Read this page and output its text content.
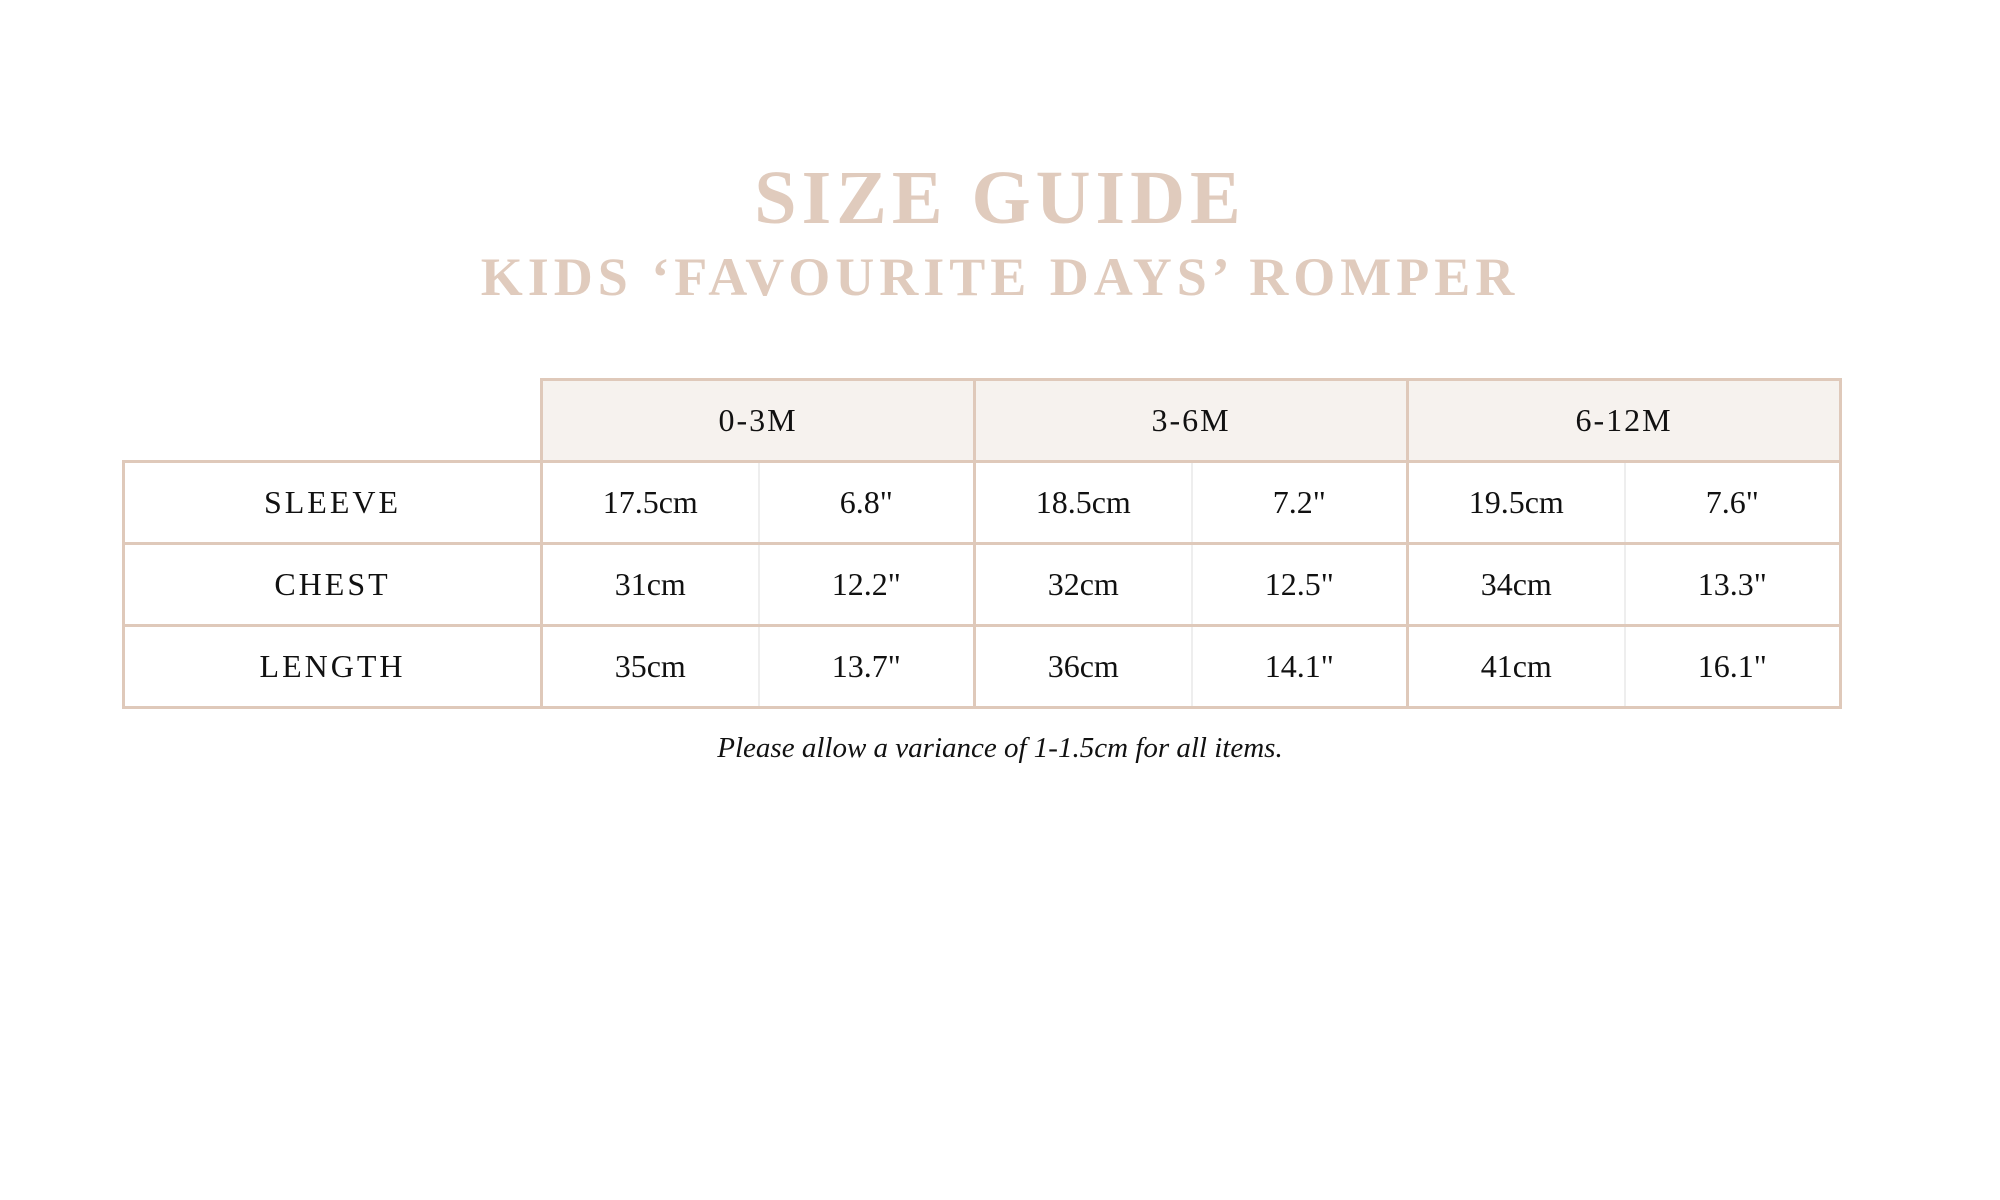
SIZE GUIDE
KIDS ‘FAVOURITE DAYS’ ROMPER
	0-3M		3-6M		6-12M	
SLEEVE	17.5cm	6.8"	18.5cm	7.2"	19.5cm	7.6"
CHEST	31cm	12.2"	32cm	12.5"	34cm	13.3"
LENGTH	35cm	13.7"	36cm	14.1"	41cm	16.1"

Please allow a variance of 1-1.5cm for all items.
